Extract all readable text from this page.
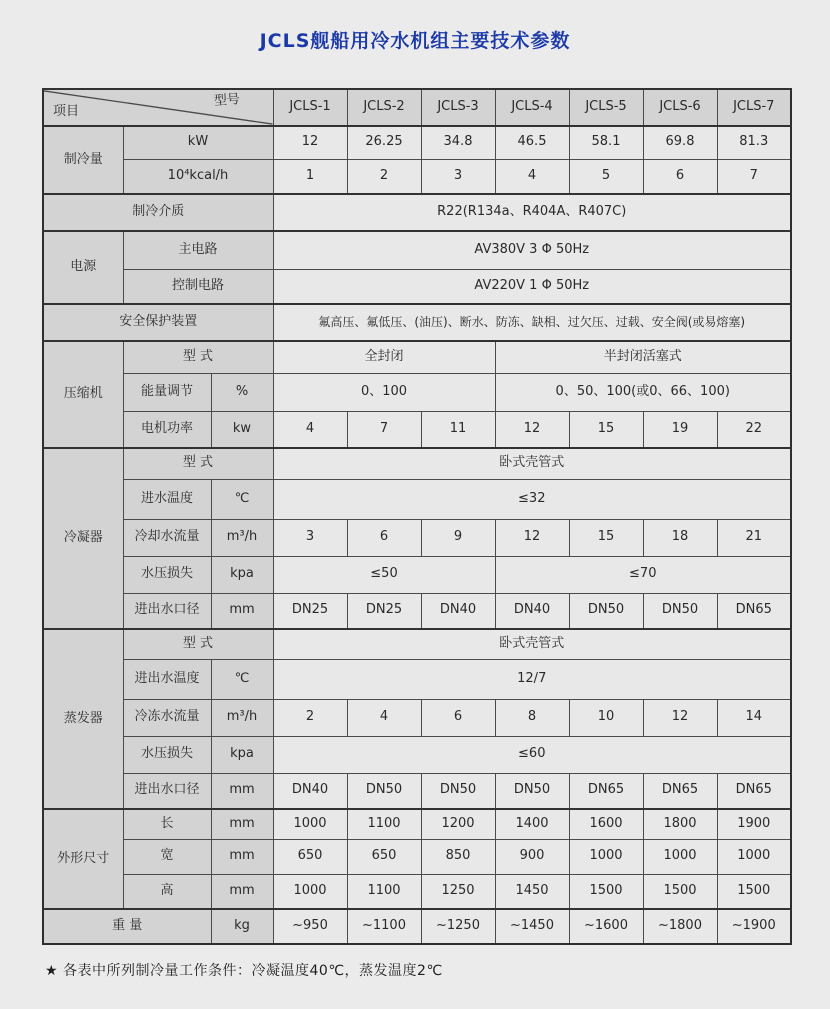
JCLS舰船用冷水机组主要技术参数
项目
型号			JCLS-1	JCLS-2	JCLS-3	JCLS-4	JCLS-5	JCLS-6	JCLS-7
制冷量	kW		12	26.25	34.8	46.5	58.1	69.8	81.3
	10⁴kcal/h		1	2	3	4	5	6	7
制冷介质			R22(R134a、R404A、R407C)						
电源	主电路		AV380V 3 Φ 50Hz						
	控制电路		AV220V 1 Φ 50Hz						
安全保护装置			氟高压、氟低压、(油压)、断水、防冻、缺相、过欠压、过载、安全阀(或易熔塞)						
压缩机	型 式		全封闭			半封闭活塞式			
	能量调节	%	0、100			0、50、100(或0、66、100)			
	电机功率	kw	4	7	11	12	15	19	22
冷凝器	型 式		卧式壳管式						
	进水温度	℃	≤32						
	冷却水流量	m³/h	3	6	9	12	15	18	21
	水压损失	kpa	≤50			≤70			
	进出水口径	mm	DN25	DN25	DN40	DN40	DN50	DN50	DN65
蒸发器	型 式		卧式壳管式						
	进出水温度	℃	12/7						
	冷冻水流量	m³/h	2	4	6	8	10	12	14
	水压损失	kpa	≤60						
	进出水口径	mm	DN40	DN50	DN50	DN50	DN65	DN65	DN65
外形尺寸	长	mm	1000	1100	1200	1400	1600	1800	1900
	宽	mm	650	650	850	900	1000	1000	1000
	高	mm	1000	1100	1250	1450	1500	1500	1500
重 量		kg	~950	~1100	~1250	~1450	~1600	~1800	~1900
★ 各表中所列制冷量工作条件：冷凝温度40℃，蒸发温度2℃
